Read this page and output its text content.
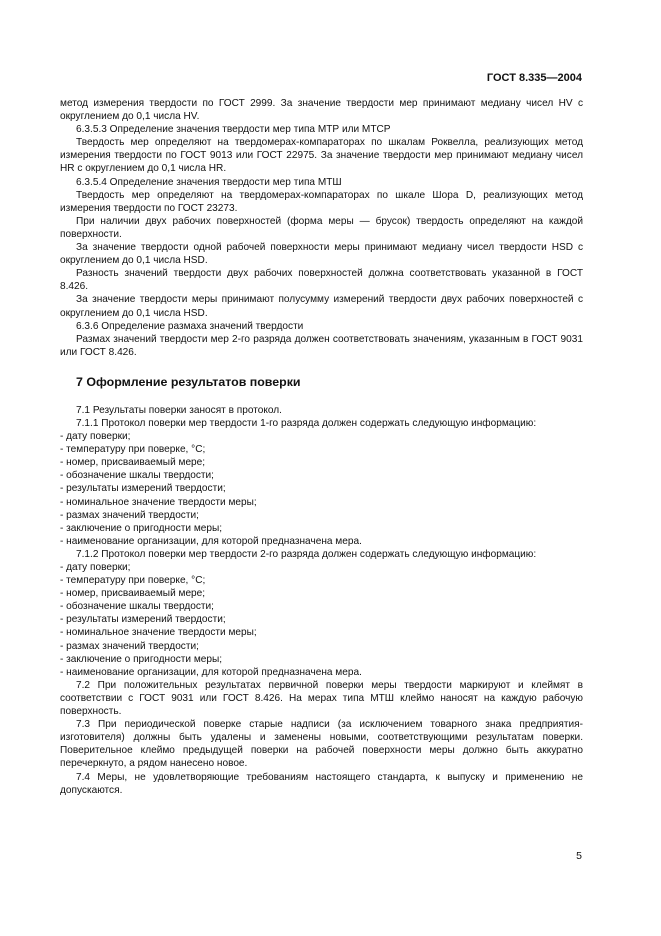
ГОСТ 8.335—2004
метод измерения твердости по ГОСТ 2999. За значение твердости мер принимают медиану чисел HV с округлением до 0,1 числа HV.
6.3.5.3 Определение значения твердости мер типа МТР или МТСР
Твердость мер определяют на твердомерах-компараторах по шкалам Роквелла, реализующих метод измерения твердости по ГОСТ 9013 или ГОСТ 22975. За значение твердости мер принимают медиану чисел HR с округлением до 0,1 числа HR.
6.3.5.4 Определение значения твердости мер типа МТШ
Твердость мер определяют на твердомерах-компараторах по шкале Шора D, реализующих метод измерения твердости по ГОСТ 23273.
При наличии двух рабочих поверхностей (форма меры — брусок) твердость определяют на каждой поверхности.
За значение твердости одной рабочей поверхности меры принимают медиану чисел твердости HSD с округлением до 0,1 числа HSD.
Разность значений твердости двух рабочих поверхностей должна соответствовать указанной в ГОСТ 8.426.
За значение твердости меры принимают полусумму измерений твердости двух рабочих поверхностей с округлением до 0,1 числа HSD.
6.3.6 Определение размаха значений твердости
Размах значений твердости мер 2-го разряда должен соответствовать значениям, указанным в ГОСТ 9031 или ГОСТ 8.426.
7 Оформление результатов поверки
7.1 Результаты поверки заносят в протокол.
7.1.1 Протокол поверки мер твердости 1-го разряда должен содержать следующую информацию:
- дату поверки;
- температуру при поверке, °С;
- номер, присваиваемый мере;
- обозначение шкалы твердости;
- результаты измерений твердости;
- номинальное значение твердости меры;
- размах значений твердости;
- заключение о пригодности меры;
- наименование организации, для которой предназначена мера.
7.1.2 Протокол поверки мер твердости 2-го разряда должен содержать следующую информацию:
- дату поверки;
- температуру при поверке, °С;
- номер, присваиваемый мере;
- обозначение шкалы твердости;
- результаты измерений твердости;
- номинальное значение твердости меры;
- размах значений твердости;
- заключение о пригодности меры;
- наименование организации, для которой предназначена мера.
7.2 При положительных результатах первичной поверки меры твердости маркируют и клеймят в соответствии с ГОСТ 9031 или ГОСТ 8.426. На мерах типа МТШ клеймо наносят на каждую рабочую поверхность.
7.3 При периодической поверке старые надписи (за исключением товарного знака предприятия-изготовителя) должны быть удалены и заменены новыми, соответствующими результатам поверки. Поверительное клеймо предыдущей поверки на рабочей поверхности меры должно быть аккуратно перечеркнуто, а рядом нанесено новое.
7.4 Меры, не удовлетворяющие требованиям настоящего стандарта, к выпуску и применению не допускаются.
5
